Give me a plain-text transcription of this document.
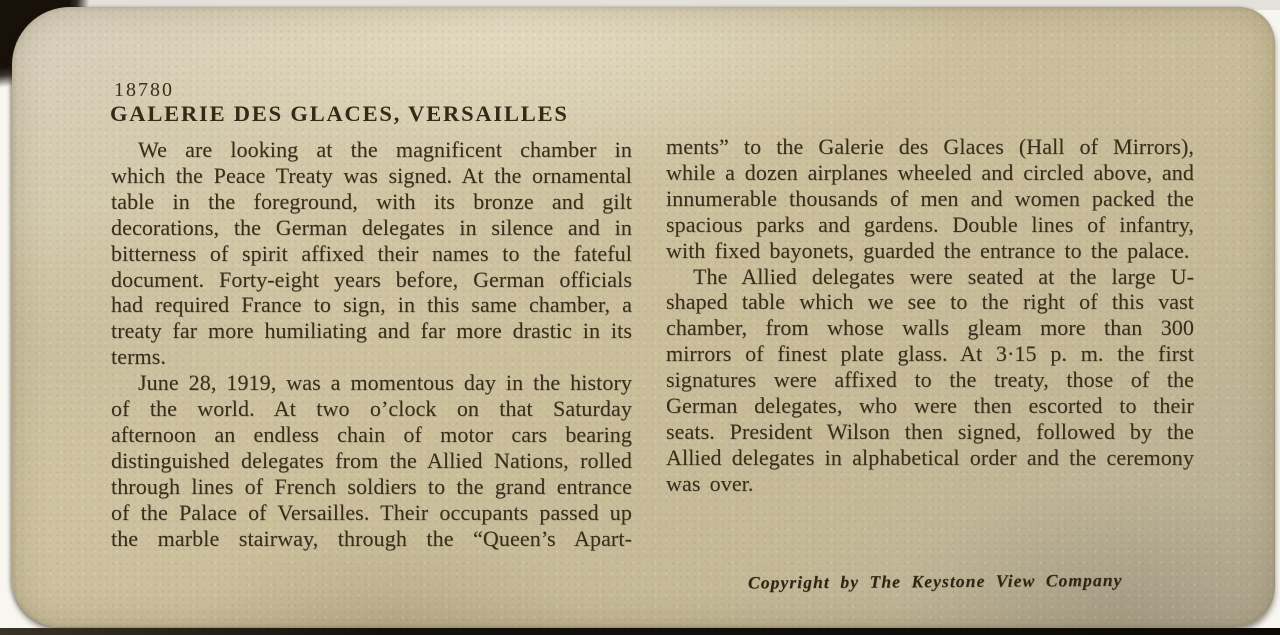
18780
GALERIE DES GLACES, VERSAILLES

We are looking at the magnificent chamber in which the Peace Treaty was signed. At the ornamental table in the foreground, with its bronze and gilt decorations, the German delegates in silence and in bitterness of spirit affixed their names to the fateful document. Forty-eight years before, German officials had required France to sign, in this same chamber, a treaty far more humiliating and far more drastic in its terms.

June 28, 1919, was a momentous day in the history of the world. At two o’clock on that Saturday afternoon an endless chain of motor cars bearing distinguished delegates from the Allied Nations, rolled through lines of French soldiers to the grand entrance of the Palace of Versailles. Their occupants passed up the marble stairway, through the “Queen’s Apart-

ments” to the Galerie des Glaces (Hall of Mirrors), while a dozen airplanes wheeled and circled above, and innumerable thousands of men and women packed the spacious parks and gardens. Double lines of infantry, with fixed bayonets, guarded the entrance to the palace.

The Allied delegates were seated at the large U-shaped table which we see to the right of this vast chamber, from whose walls gleam more than 300 mirrors of finest plate glass. At 3·15 p. m. the first signatures were affixed to the treaty, those of the German delegates, who were then escorted to their seats. President Wilson then signed, followed by the Allied delegates in alphabetical order and the ceremony was over.

Copyright by The Keystone View Company
